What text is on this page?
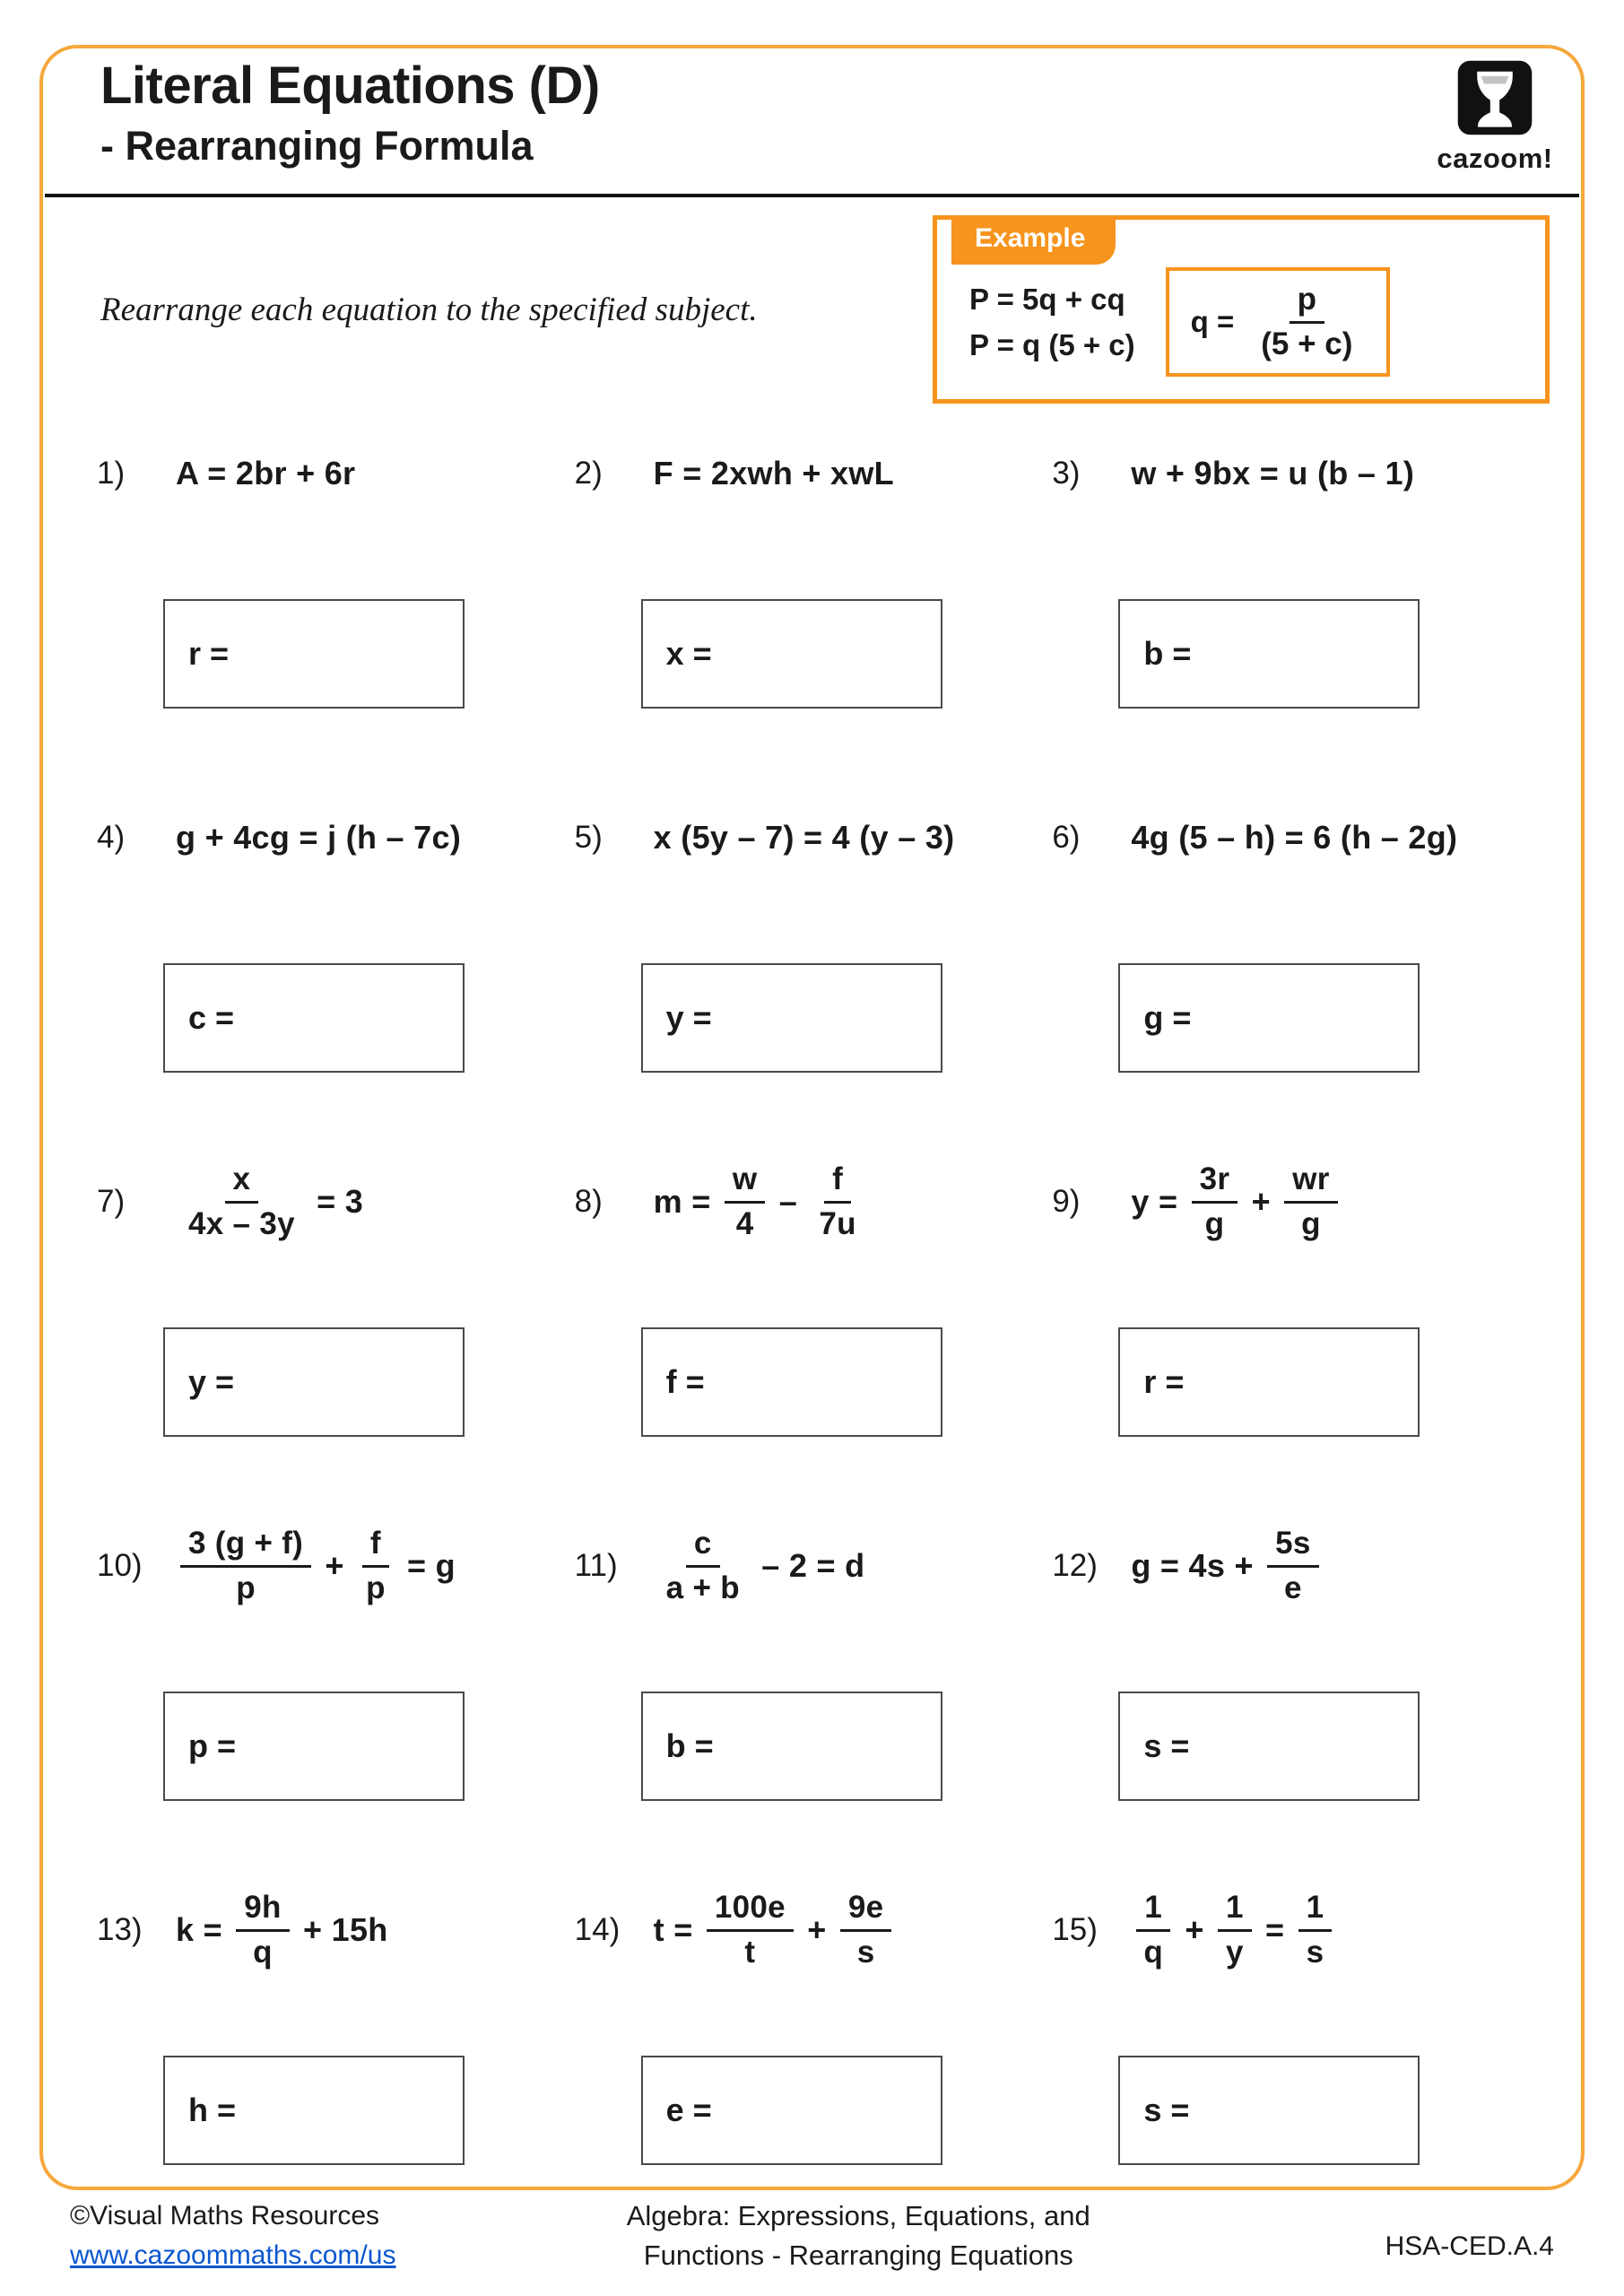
Literal Equations (D)
- Rearranging Formula	cazoom!
Rearrange each equation to the specified subject.
Example
P = 5q + cq
P = q (5 + c)
$q = \frac{p}{(5 + c)}$
1)	A = 2br + 6r
r =
2)	F = 2xwh + xwL
x =	3)	w + 9bx = u (b – 1)
b =
4)	g + 4cg = j (h – 7c)
c = 5)	x (5y – 7) = 4 (y – 3)
y = 6)	4g (5 – h) = 6 (h – 2g)
g =
7)	$\frac{x}{4x - 3y} = 3$
y = 8)	$m = \frac{w}{4} - \frac{f}{7u}$
f = 9)	$y = \frac{3r}{g} + \frac{wr}{g}$
r =
10)	$\frac{3 (g + f)}{p} + \frac{f}{p} = g$
p =	11)	$\frac{c}{a + b} - 2 = d$
b = 12)	$g = 4s + \frac{5s}{e}$
s =
13)	$k = \frac{9h}{q} + 15h$
h = 14)	$t = \frac{100e}{t} + \frac{9e}{s}$
e =
15)	$\frac{1}{q} + \frac{1}{y} = \frac{1}{s}$
s =
©Visual Maths Resources
www.cazoommaths.com/us
Algebra: Expressions, Equations, and
Functions - Rearranging Equations	HSA-CED.A.4
